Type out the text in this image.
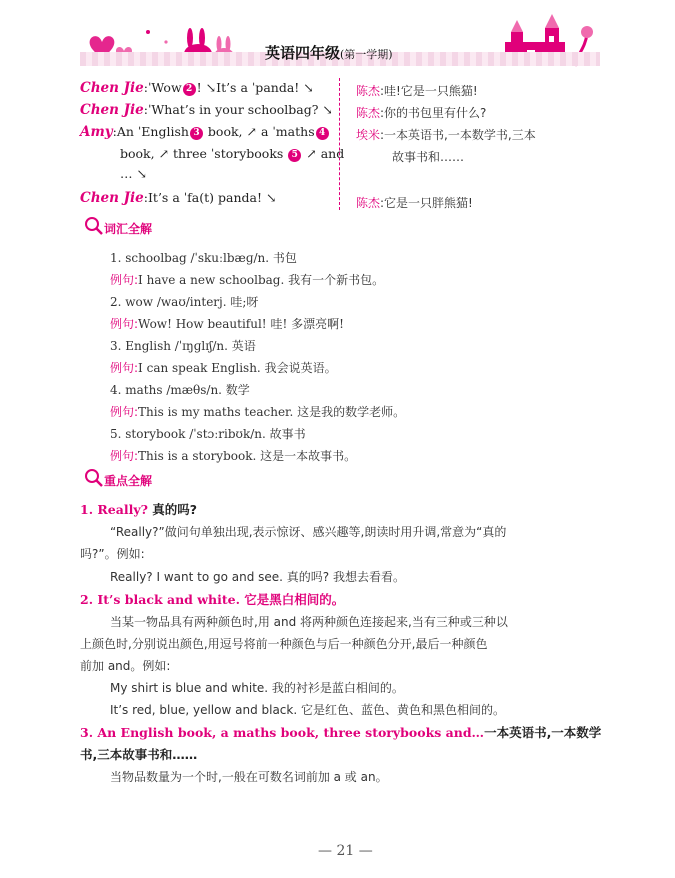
英语四年级(第一学期)
Chen Jie:ˈWow 2 ! ↘It’s a ˈpanda! ↘
Chen Jie:ˈWhat’s in your schoolbag? ↘
Amy:An ˈEnglish 3 book, ↗ a ˈmaths 4
book, ↗ three ˈstorybooks 5 ↗ and
… ↘
Chen Jie:It’s a ˈfa(t) panda! ↘
陈杰:哇!它是一只熊猫!
陈杰:你的书包里有什么?
埃米:一本英语书,一本数学书,三本
故事书和……
陈杰:它是一只胖熊猫!
词汇全解
1. schoolbag /ˈskuːlbæɡ/n. 书包
例句:I have a new schoolbag. 我有一个新书包。
2. wow /waʊ/interj. 哇;呀
例句:Wow! How beautiful! 哇! 多漂亮啊!
3. English /ˈɪŋɡlɪʃ/n. 英语
例句:I can speak English. 我会说英语。
4. maths /mæθs/n. 数学
例句:This is my maths teacher. 这是我的数学老师。
5. storybook /ˈstɔːribʊk/n. 故事书
例句:This is a storybook. 这是一本故事书。
重点全解
1. Really? 真的吗?
“Really?”做问句单独出现,表示惊讶、感兴趣等,朗读时用升调,常意为“真的
吗?”。例如:
Really? I want to go and see. 真的吗? 我想去看看。
2. It’s black and white. 它是黑白相间的。
当某一物品具有两种颜色时,用 and 将两种颜色连接起来,当有三种或三种以
上颜色时,分别说出颜色,用逗号将前一种颜色与后一种颜色分开,最后一种颜色
前加 and。例如:
My shirt is blue and white. 我的衬衫是蓝白相间的。
It’s red, blue, yellow and black. 它是红色、蓝色、黄色和黑色相间的。
3. An English book, a maths book, three storybooks and…一本英语书,一本数学
书,三本故事书和……
当物品数量为一个时,一般在可数名词前加 a 或 an。
— 21 —
